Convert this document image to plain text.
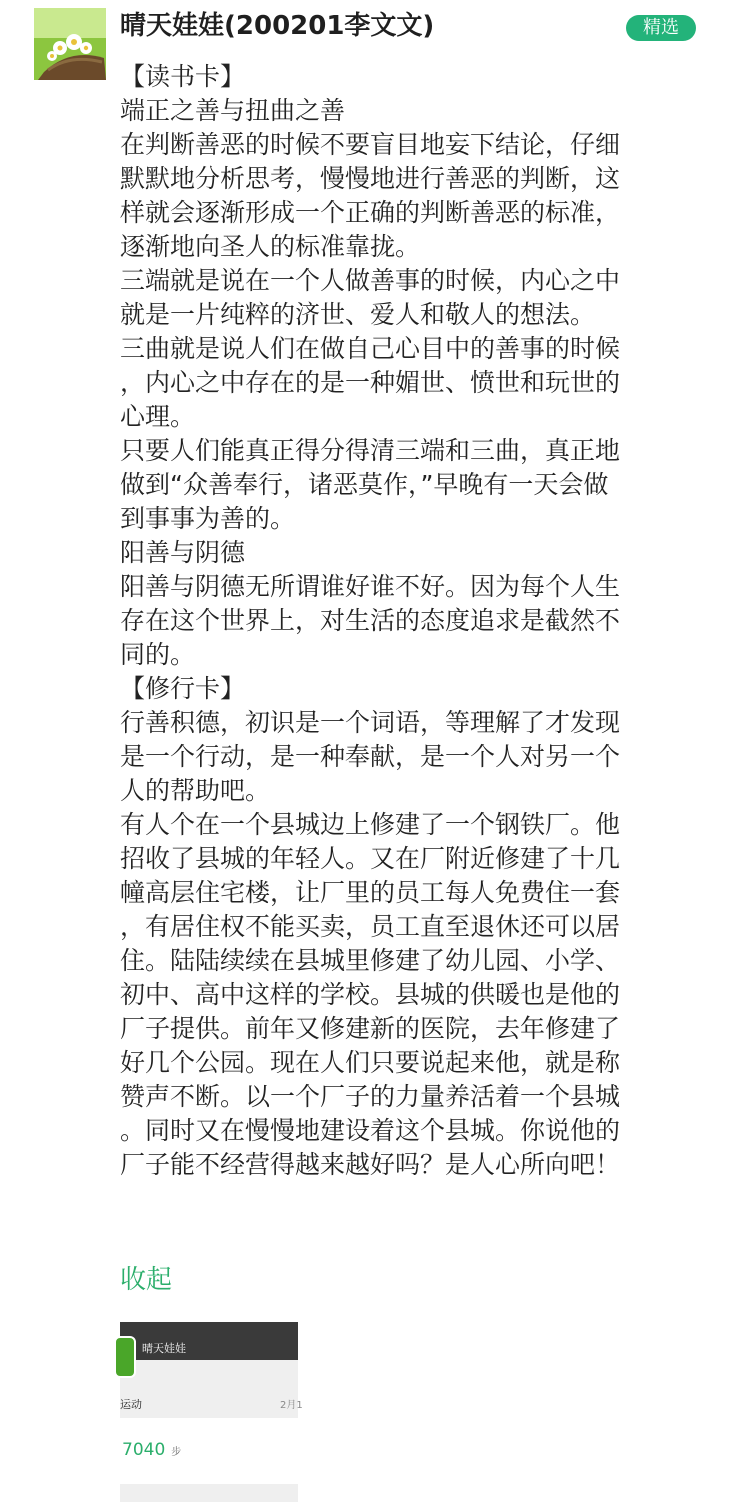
晴天娃娃(200201李文文)	精选

【读书卡】

端正之善与扭曲之善

在判断善恶的时候不要盲目地妄下结论，仔细

默默地分析思考，慢慢地进行善恶的判断，这

样就会逐渐形成一个正确的判断善恶的标准，

逐渐地向圣人的标准靠拢。

三端就是说在一个人做善事的时候，内心之中

就是一片纯粹的济世、爱人和敬人的想法。

三曲就是说人们在做自己心目中的善事的时候

，内心之中存在的是一种媚世、愤世和玩世的

心理。

只要人们能真正得分得清三端和三曲，真正地

做到“众善奉行，诸恶莫作，”早晚有一天会做

到事事为善的。

阳善与阴德

阳善与阴德无所谓谁好谁不好。因为每个人生

存在这个世界上，对生活的态度追求是截然不

同的。

【修行卡】

行善积德，初识是一个词语，等理解了才发现

是一个行动，是一种奉献，是一个人对另一个

人的帮助吧。

有人个在一个县城边上修建了一个钢铁厂。他

招收了县城的年轻人。又在厂附近修建了十几

幢高层住宅楼，让厂里的员工每人免费住一套

，有居住权不能买卖，员工直至退休还可以居

住。陆陆续续在县城里修建了幼儿园、小学、

初中、高中这样的学校。县城的供暖也是他的

厂子提供。前年又修建新的医院，去年修建了

好几个公园。现在人们只要说起来他，就是称

赞声不断。以一个厂子的力量养活着一个县城

。同时又在慢慢地建设着这个县城。你说他的

厂子能不经营得越来越好吗？是人心所向吧！

收起
晴天娃娃
运动	2月1
7040 步
